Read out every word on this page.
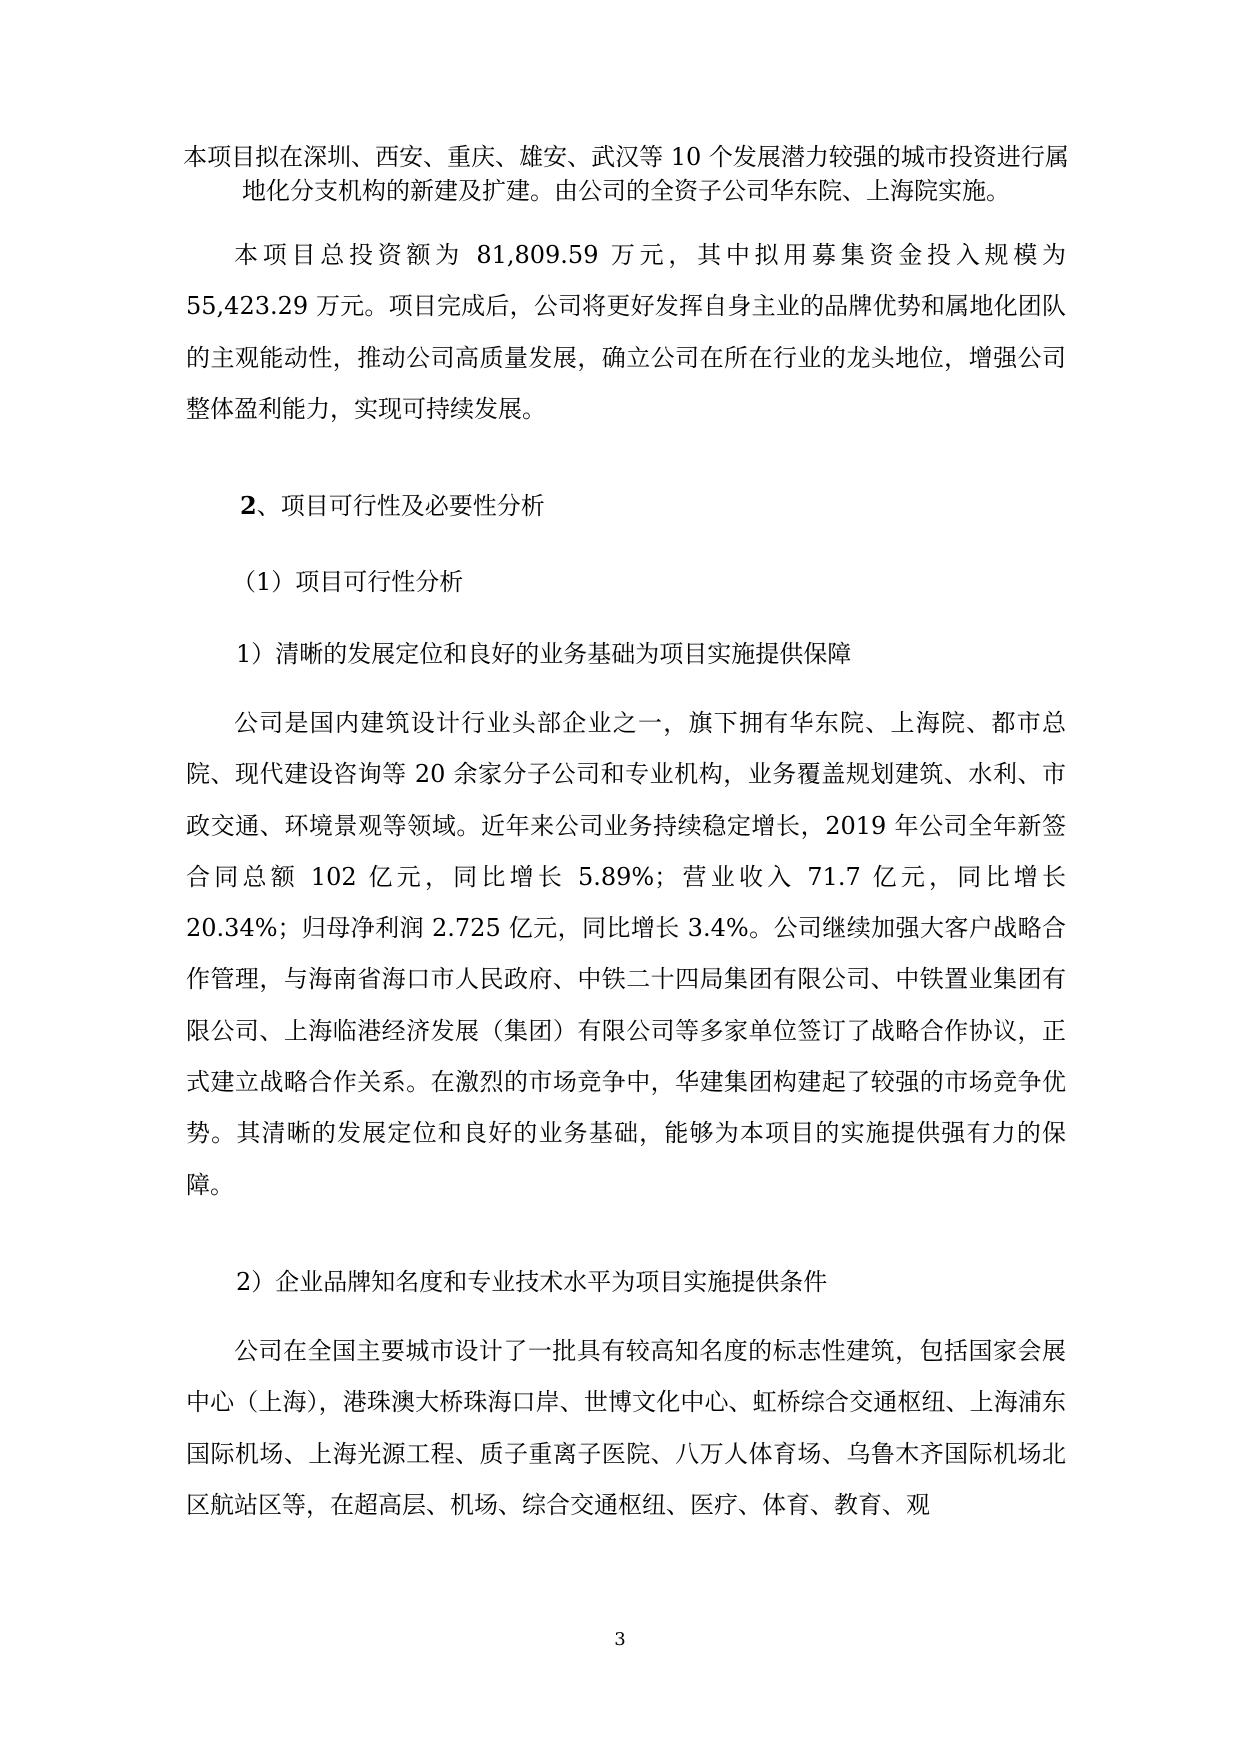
本项目拟在深圳、西安、重庆、雄安、武汉等 10 个发展潜力较强的城市投资进行属地化分支机构的新建及扩建。由公司的全资子公司华东院、上海院实施。

本项目总投资额为 81,809.59 万元，其中拟用募集资金投入规模为 55,423.29 万元。项目完成后，公司将更好发挥自身主业的品牌优势和属地化团队的主观能动性，推动公司高质量发展，确立公司在所在行业的龙头地位，增强公司整体盈利能力，实现可持续发展。

2、项目可行性及必要性分析

（1）项目可行性分析

1）清晰的发展定位和良好的业务基础为项目实施提供保障

公司是国内建筑设计行业头部企业之一，旗下拥有华东院、上海院、都市总院、现代建设咨询等 20 余家分子公司和专业机构，业务覆盖规划建筑、水利、市政交通、环境景观等领域。近年来公司业务持续稳定增长，2019 年公司全年新签合同总额 102 亿元，同比增长 5.89%；营业收入 71.7 亿元，同比增长 20.34%；归母净利润 2.725 亿元，同比增长 3.4%。公司继续加强大客户战略合作管理，与海南省海口市人民政府、中铁二十四局集团有限公司、中铁置业集团有限公司、上海临港经济发展（集团）有限公司等多家单位签订了战略合作协议，正式建立战略合作关系。在激烈的市场竞争中，华建集团构建起了较强的市场竞争优势。其清晰的发展定位和良好的业务基础，能够为本项目的实施提供强有力的保障。

2）企业品牌知名度和专业技术水平为项目实施提供条件

公司在全国主要城市设计了一批具有较高知名度的标志性建筑，包括国家会展中心（上海），港珠澳大桥珠海口岸、世博文化中心、虹桥综合交通枢纽、上海浦东国际机场、上海光源工程、质子重离子医院、八万人体育场、乌鲁木齐国际机场北区航站区等，在超高层、机场、综合交通枢纽、医疗、体育、教育、观

3
